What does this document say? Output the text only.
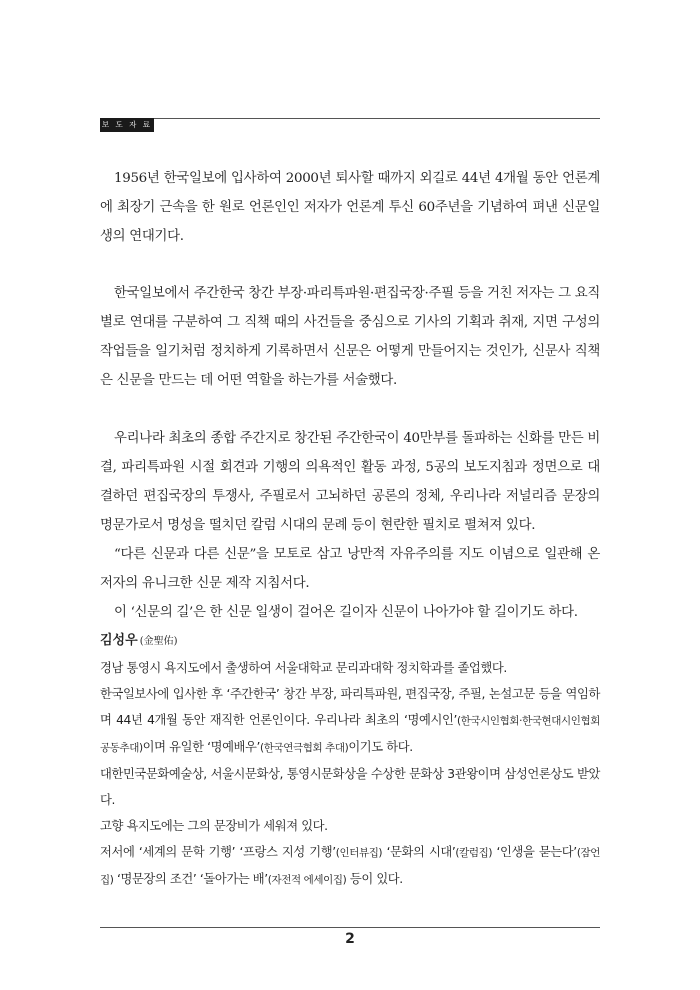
보 도 자 료

1956년 한국일보에 입사하여 2000년 퇴사할 때까지 외길로 44년 4개월 동안 언론계에 최장기 근속을 한 원로 언론인인 저자가 언론계 투신 60주년을 기념하여 펴낸 신문일생의 연대기다.

한국일보에서 주간한국 창간 부장·파리특파원·편집국장·주필 등을 거친 저자는 그 요직별로 연대를 구분하여 그 직책 때의 사건들을 중심으로 기사의 기획과 취재, 지면 구성의 작업들을 일기처럼 정치하게 기록하면서 신문은 어떻게 만들어지는 것인가, 신문사 직책은 신문을 만드는 데 어떤 역할을 하는가를 서술했다.

우리나라 최초의 종합 주간지로 창간된 주간한국이 40만부를 돌파하는 신화를 만든 비결, 파리특파원 시절 회견과 기행의 의욕적인 활동 과정, 5공의 보도지침과 정면으로 대결하던 편집국장의 투쟁사, 주필로서 고뇌하던 공론의 정체, 우리나라 저널리즘 문장의 명문가로서 명성을 떨치던 칼럼 시대의 문례 등이 현란한 필치로 펼쳐져 있다.

“다른 신문과 다른 신문”을 모토로 삼고 낭만적 자유주의를 지도 이념으로 일관해 온 저자의 유니크한 신문 제작 지침서다.

이 ‘신문의 길’은 한 신문 일생이 걸어온 길이자 신문이 나아가야 할 길이기도 하다.

김성우 (金聖佑)

경남 통영시 욕지도에서 출생하여 서울대학교 문리과대학 정치학과를 졸업했다.

한국일보사에 입사한 후 ‘주간한국’ 창간 부장, 파리특파원, 편집국장, 주필, 논설고문 등을 역임하며 44년 4개월 동안 재직한 언론인이다. 우리나라 최초의 ‘명예시인’(한국시인협회·한국현대시인협회 공동추대)이며 유일한 ‘명예배우’(한국연극협회 추대)이기도 하다.

대한민국문화예술상, 서울시문화상, 통영시문화상을 수상한 문화상 3관왕이며 삼성언론상도 받았다.

고향 욕지도에는 그의 문장비가 세워져 있다.

저서에 ‘세계의 문학 기행’ ‘프랑스 지성 기행’(인터뷰집) ‘문화의 시대’(칼럼집) ‘인생을 묻는다’(잠언집) ‘명문장의 조건’ ‘돌아가는 배’(자전적 에세이집) 등이 있다.

2
